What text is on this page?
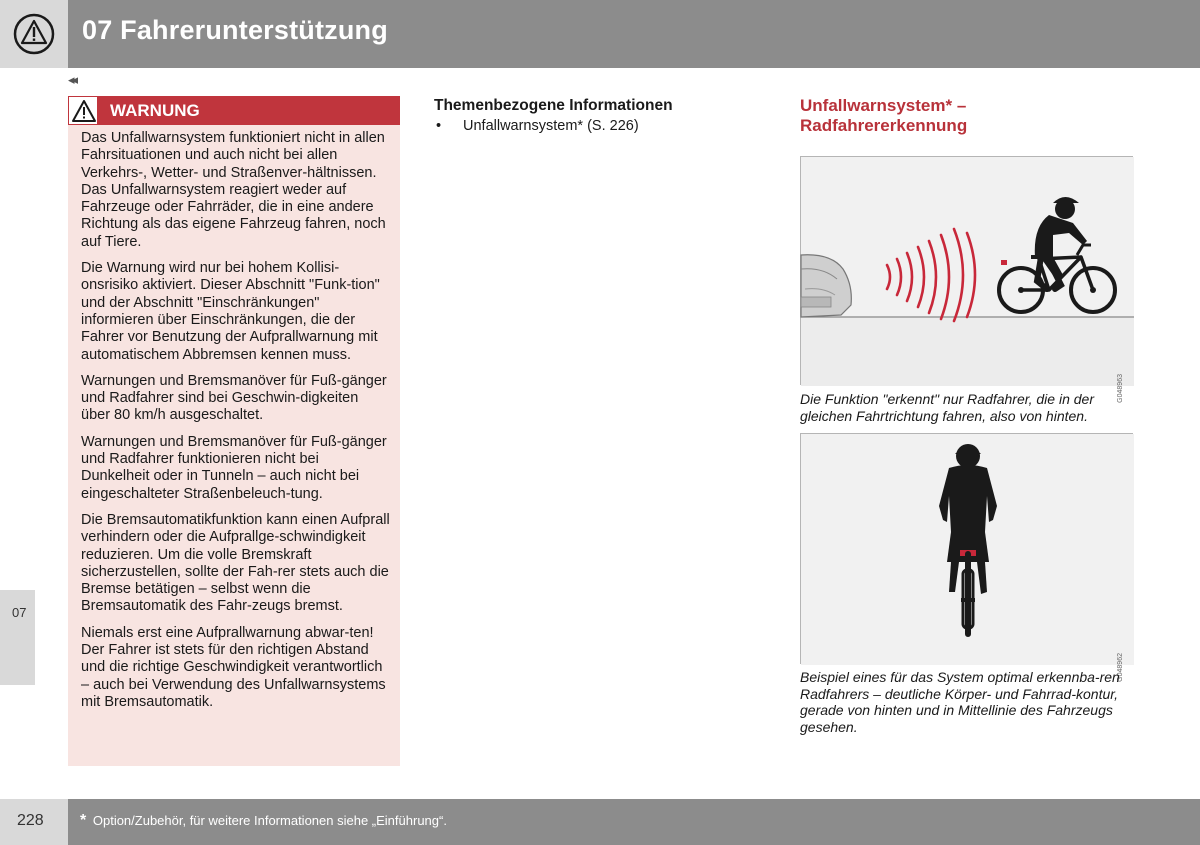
07 Fahrerunterstützung
◂◂
07
WARNUNG

Das Unfallwarnsystem funktioniert nicht in allen Fahrsituationen und auch nicht bei allen Verkehrs-, Wetter- und Straßenver-hältnissen. Das Unfallwarnsystem reagiert weder auf Fahrzeuge oder Fahrräder, die in eine andere Richtung als das eigene Fahrzeug fahren, noch auf Tiere.

Die Warnung wird nur bei hohem Kollisi-onsrisiko aktiviert. Dieser Abschnitt "Funk-tion" und der Abschnitt "Einschränkungen" informieren über Einschränkungen, die der Fahrer vor Benutzung der Aufprallwarnung mit automatischem Abbremsen kennen muss.

Warnungen und Bremsmanöver für Fuß-gänger und Radfahrer sind bei Geschwin-digkeiten über 80 km/h ausgeschaltet.

Warnungen und Bremsmanöver für Fuß-gänger und Radfahrer funktionieren nicht bei Dunkelheit oder in Tunneln – auch nicht bei eingeschalteter Straßenbeleuch-tung.

Die Bremsautomatikfunktion kann einen Aufprall verhindern oder die Aufprallge-schwindigkeit reduzieren. Um die volle Bremskraft sicherzustellen, sollte der Fah-rer stets auch die Bremse betätigen – selbst wenn die Bremsautomatik des Fahr-zeugs bremst.

Niemals erst eine Aufprallwarnung abwar-ten! Der Fahrer ist stets für den richtigen Abstand und die richtige Geschwindigkeit verantwortlich – auch bei Verwendung des Unfallwarnsystems mit Bremsautomatik.

Themenbezogene Informationen
• Unfallwarnsystem* (S. 226)
Unfallwarnsystem* –
Radfahrererkennung
G048963
Die Funktion "erkennt" nur Radfahrer, die in der gleichen Fahrtrichtung fahren, also von hinten.
G048962
Beispiel eines für das System optimal erkennba-ren Radfahrers – deutliche Körper- und Fahrrad-kontur, gerade von hinten und in Mittellinie des Fahrzeugs gesehen.
228 * Option/Zubehör, für weitere Informationen siehe „Einführung“.
